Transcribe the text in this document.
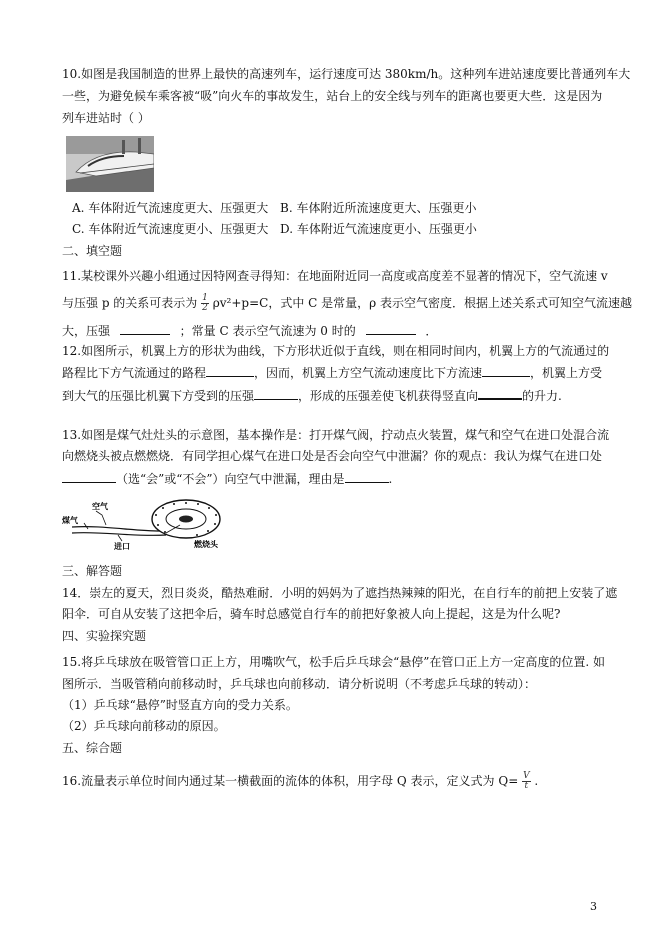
10.如图是我国制造的世界上最快的高速列车，运行速度可达 380km/h。这种列车进站速度要比普通列车大
一些，为避免候车乘客被“吸”向火车的事故发生，站台上的安全线与列车的距离也要更大些．这是因为
列车进站时（ ）
A. 车体附近气流速度更大、压强更大 B. 车体附近所流速度更大、压强更小
C. 车体附近气流速度更小、压强更大 D. 车体附近气流速度更小、压强更小
二、填空题
11.某校课外兴趣小组通过因特网查寻得知：在地面附近同一高度或高度差不显著的情况下，空气流速 v
与压强 p 的关系可表示为 $\frac{1}{2} \rho v^2+p=C$，式中 C 是常量，ρ 表示空气密度．根据上述关系式可知空气流速越
大，压强	；常量 C 表示空气流速为 0 时的	．
12.如图所示，机翼上方的形状为曲线，下方形状近似于直线，则在相同时间内，机翼上方的气流通过的
路程比下方气流通过的路程	，因而，机翼上方空气流动速度比下方流速	，机翼上方受
到大气的压强比机翼下方受到的压强	，形成的压强差使飞机获得竖直向	的升力.
13.如图是煤气灶灶头的示意图，基本操作是：打开煤气阀，拧动点火装置，煤气和空气在进口处混合流
向燃烧头被点燃燃烧．有同学担心煤气在进口处是否会向空气中泄漏？你的观点：我认为煤气在进口处
（选“会”或“不会”）向空气中泄漏，理由是	.
煤气
空气
燃烧头
进口
三、解答题
14．崇左的夏天，烈日炎炎，酷热难耐．小明的妈妈为了遮挡热辣辣的阳光，在自行车的前把上安装了遮
阳伞．可自从安装了这把伞后，骑车时总感觉自行车的前把好象被人向上提起，这是为什么呢?
四、实验探究题
15.将乒乓球放在吸管管口正上方，用嘴吹气，松手后乒乓球会“悬停”在管口正上方一定高度的位置. 如
图所示．当吸管稍向前移动时，乒乓球也向前移动．请分析说明（不考虑乒乓球的转动）：
（1）乒乓球“悬停”时竖直方向的受力关系。
（2）乒乓球向前移动的原因。
五、综合题
16.流量表示单位时间内通过某一横截面的流体的体积，用字母 Q 表示，定义式为 $Q= \frac{V}{t}$ .
3
